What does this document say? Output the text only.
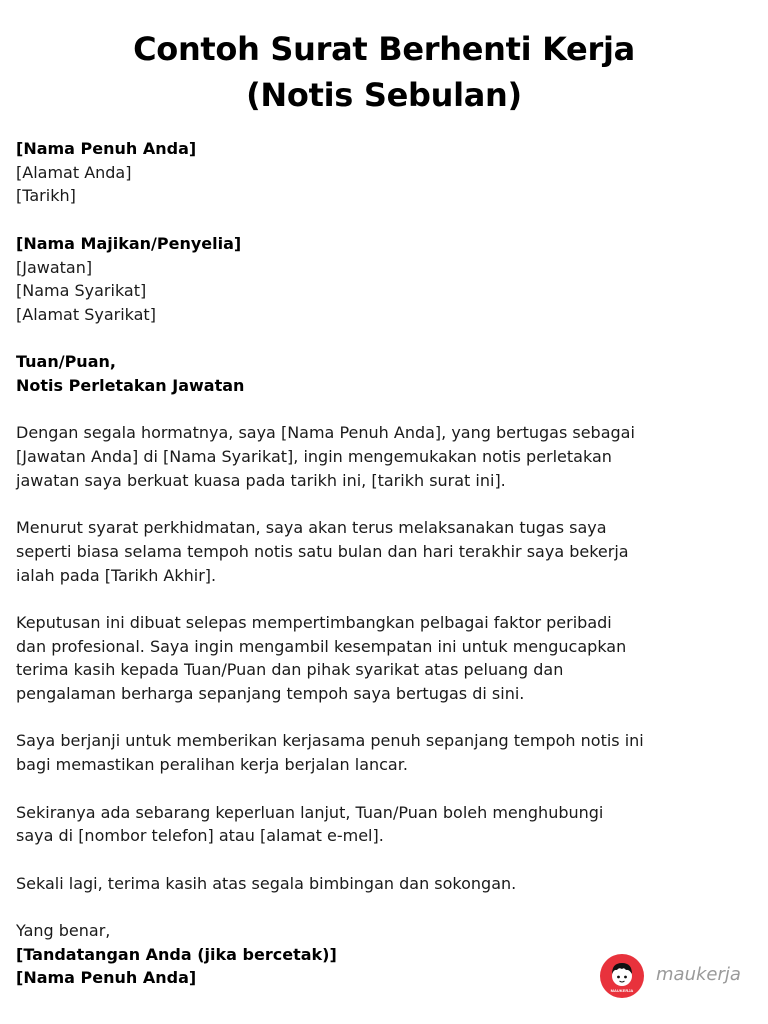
Contoh Surat Berhenti Kerja
(Notis Sebulan)
[Nama Penuh Anda]
[Alamat Anda]
[Tarikh]
[Nama Majikan/Penyelia]
[Jawatan]
[Nama Syarikat]
[Alamat Syarikat]
Tuan/Puan,
Notis Perletakan Jawatan
Dengan segala hormatnya, saya [Nama Penuh Anda], yang bertugas sebagai
[Jawatan Anda] di [Nama Syarikat], ingin mengemukakan notis perletakan
jawatan saya berkuat kuasa pada tarikh ini, [tarikh surat ini].
Menurut syarat perkhidmatan, saya akan terus melaksanakan tugas saya
seperti biasa selama tempoh notis satu bulan dan hari terakhir saya bekerja
ialah pada [Tarikh Akhir].
Keputusan ini dibuat selepas mempertimbangkan pelbagai faktor peribadi
dan profesional. Saya ingin mengambil kesempatan ini untuk mengucapkan
terima kasih kepada Tuan/Puan dan pihak syarikat atas peluang dan
pengalaman berharga sepanjang tempoh saya bertugas di sini.
Saya berjanji untuk memberikan kerjasama penuh sepanjang tempoh notis ini
bagi memastikan peralihan kerja berjalan lancar.
Sekiranya ada sebarang keperluan lanjut, Tuan/Puan boleh menghubungi
saya di [nombor telefon] atau [alamat e-mel].
Sekali lagi, terima kasih atas segala bimbingan dan sokongan.
Yang benar,
[Tandatangan Anda (jika bercetak)]
[Nama Penuh Anda]
MAUKERJA
maukerja
